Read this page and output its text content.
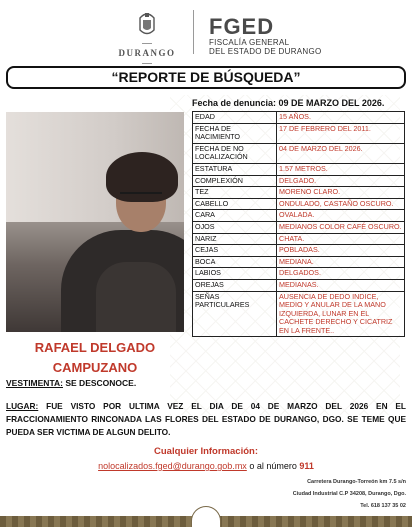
DURANGO
FGED
FISCALÍA GENERAL
DEL ESTADO DE DURANGO
“REPORTE DE BÚSQUEDA”
Fecha de denuncia: 09 DE MARZO DEL 2026.
EDAD	15 AÑOS.
FECHA DE NACIMIENTO	17 DE FEBRERO DEL 2011.
FECHA DE NO LOCALIZACIÓN	04 DE MARZO DEL 2026.
ESTATURA	1.57 METROS.
COMPLEXIÓN	DELGADO.
TEZ	MORENO CLARO.
CABELLO	ONDULADO, CASTAÑO OSCURO.
CARA	OVALADA.
OJOS	MEDIANOS COLOR CAFÉ OSCURO.
NARIZ	CHATA.
CEJAS	POBLADAS.
BOCA	MEDIANA.
LABIOS	DELGADOS.
OREJAS	MEDIANAS.
SEÑAS PARTICULARES	AUSENCIA DE DEDO INDICE, MEDIO Y ANULAR DE LA MANO IZQUIERDA, LUNAR EN EL CACHETE DERECHO Y CICATRIZ EN LA FRENTE..
RAFAEL DELGADO
CAMPUZANO
VESTIMENTA: SE DESCONOCE.
LUGAR: FUE VISTO POR ULTIMA VEZ EL DIA DE 04 DE MARZO DEL 2026 EN EL FRACCIONAMIENTO RINCONADA LAS FLORES DEL ESTADO DE DURANGO, DGO. SE TEME QUE PUEDA SER VICTIMA DE ALGUN DELITO.
Cualquier Información:
nolocalizados.fged@durango.gob.mx o al número 911
Carretera Durango-Torreón km 7.5 s/n
Ciudad Industrial C.P 34208, Durango, Dgo.
Tel. 618 137 35 02
